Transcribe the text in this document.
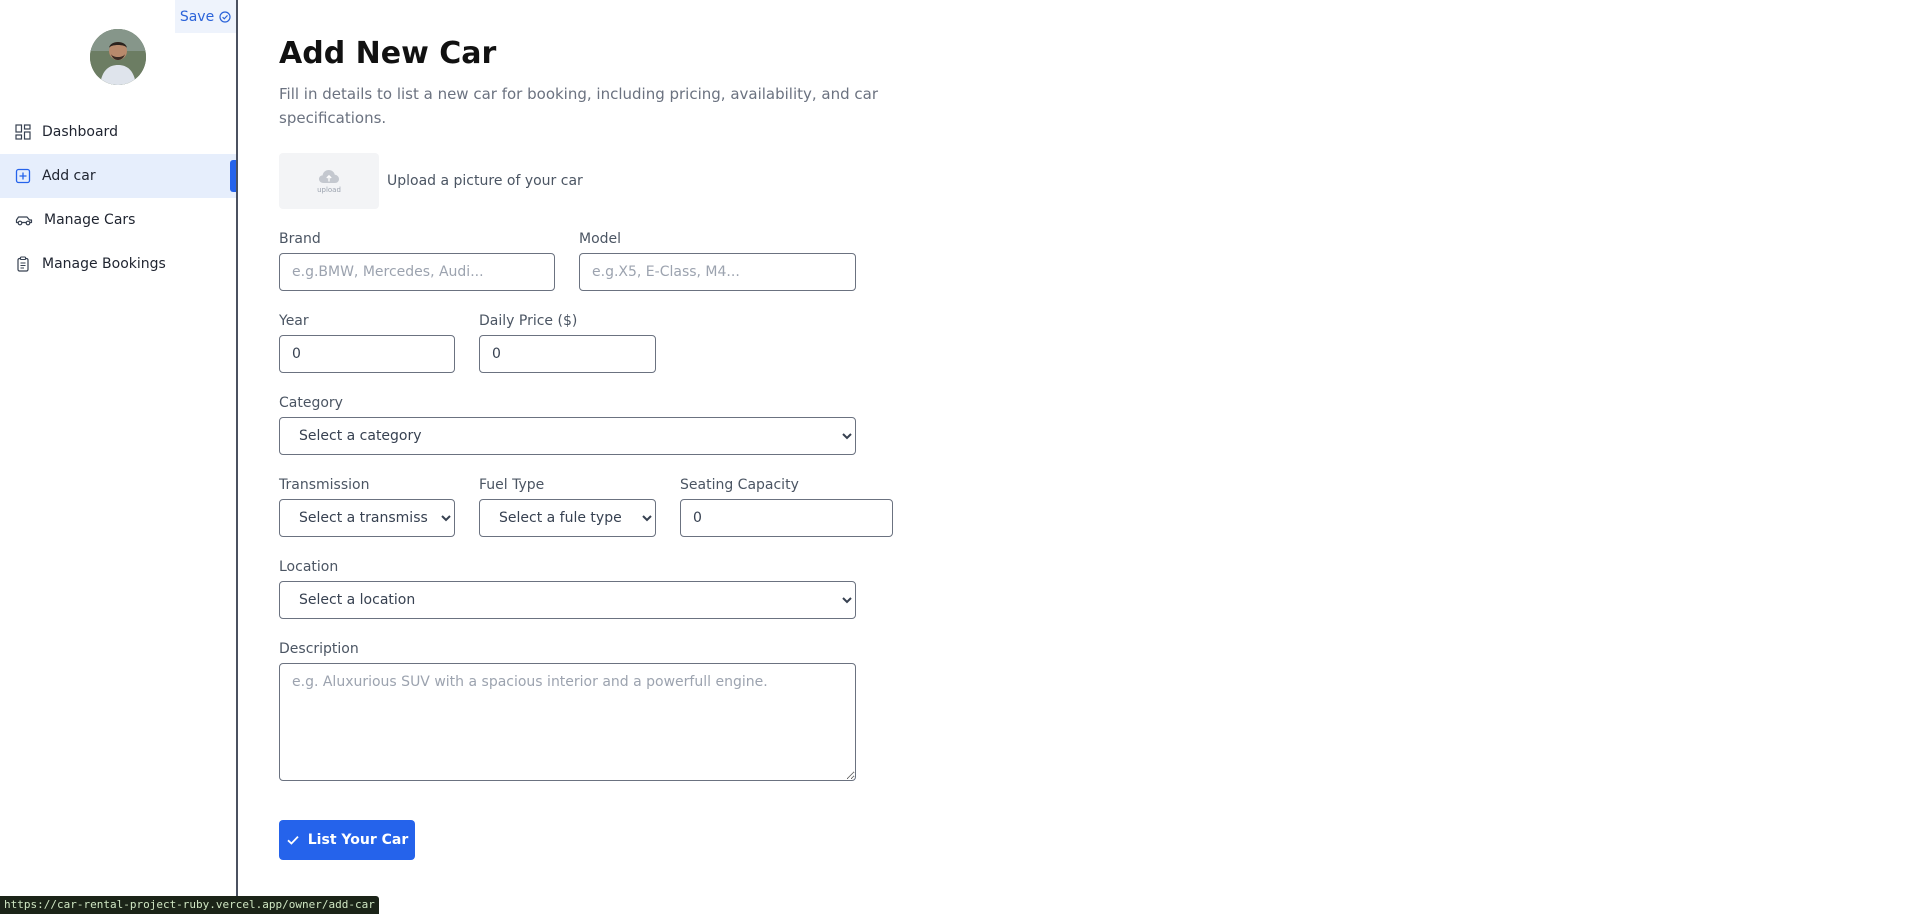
Save
Dashboard
Add car
Manage Cars
Manage Bookings
Add New Car
Fill in details to list a new car for booking, including pricing, availability, and car specifications.
upload
Upload a picture of your car
Brand
e.g.BMW, Mercedes, Audi...	Model
e.g.X5, E-Class, M4...
Year
0	Daily Price ($)
0
Category
Select a category
Transmission
Select a transmission	Fuel Type
Select a fule type	Seating Capacity
0
Location
Select a location
Description
e.g. Aluxurious SUV with a spacious interior and a powerfull engine.
List Your Car
https://car-rental-project-ruby.vercel.app/owner/add-car
